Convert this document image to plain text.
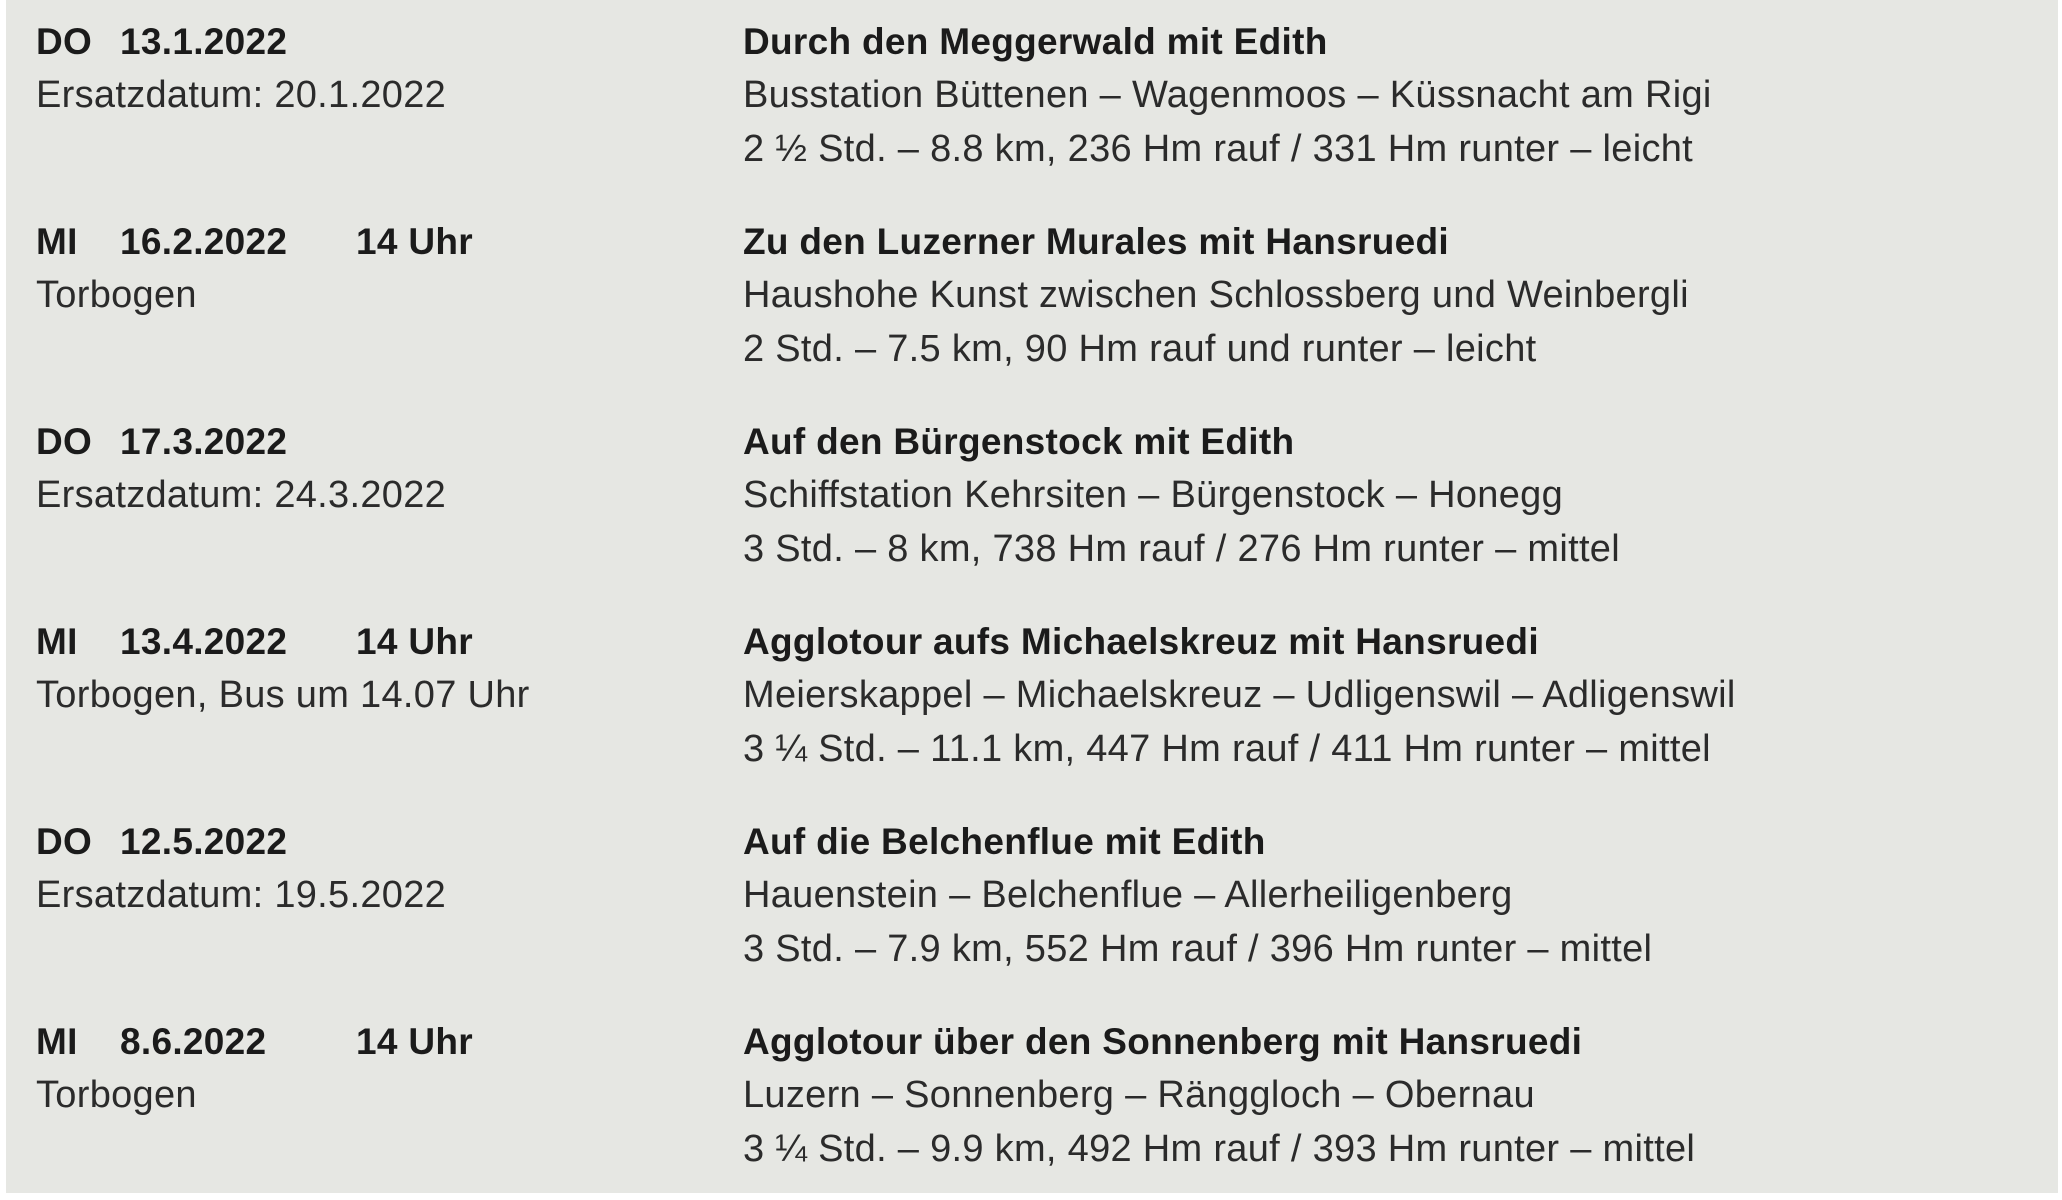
DO 13.1.2022
Ersatzdatum: 20.1.2022
Durch den Meggerwald mit Edith
Busstation Büttenen – Wagenmoos – Küssnacht am Rigi
2 ½ Std. – 8.8 km, 236 Hm rauf / 331 Hm runter – leicht
MI 16.2.2022 14 Uhr
Torbogen
Zu den Luzerner Murales mit Hansruedi
Haushohe Kunst zwischen Schlossberg und Weinbergli
2 Std. – 7.5 km, 90 Hm rauf und runter – leicht
DO 17.3.2022
Ersatzdatum: 24.3.2022
Auf den Bürgenstock mit Edith
Schiffstation Kehrsiten – Bürgenstock – Honegg
3 Std. – 8 km, 738 Hm rauf / 276 Hm runter – mittel
MI 13.4.2022 14 Uhr
Torbogen, Bus um 14.07 Uhr
Agglotour aufs Michaelskreuz mit Hansruedi
Meierskappel – Michaelskreuz – Udligenswil – Adligenswil
3 ¼ Std. – 11.1 km, 447 Hm rauf / 411 Hm runter – mittel
DO 12.5.2022
Ersatzdatum: 19.5.2022
Auf die Belchenflue mit Edith
Hauenstein – Belchenflue – Allerheiligenberg
3 Std. – 7.9 km, 552 Hm rauf / 396 Hm runter – mittel
MI 8.6.2022 14 Uhr
Torbogen
Agglotour über den Sonnenberg mit Hansruedi
Luzern – Sonnenberg – Ränggloch – Obernau
3 ¼ Std. – 9.9 km, 492 Hm rauf / 393 Hm runter – mittel
